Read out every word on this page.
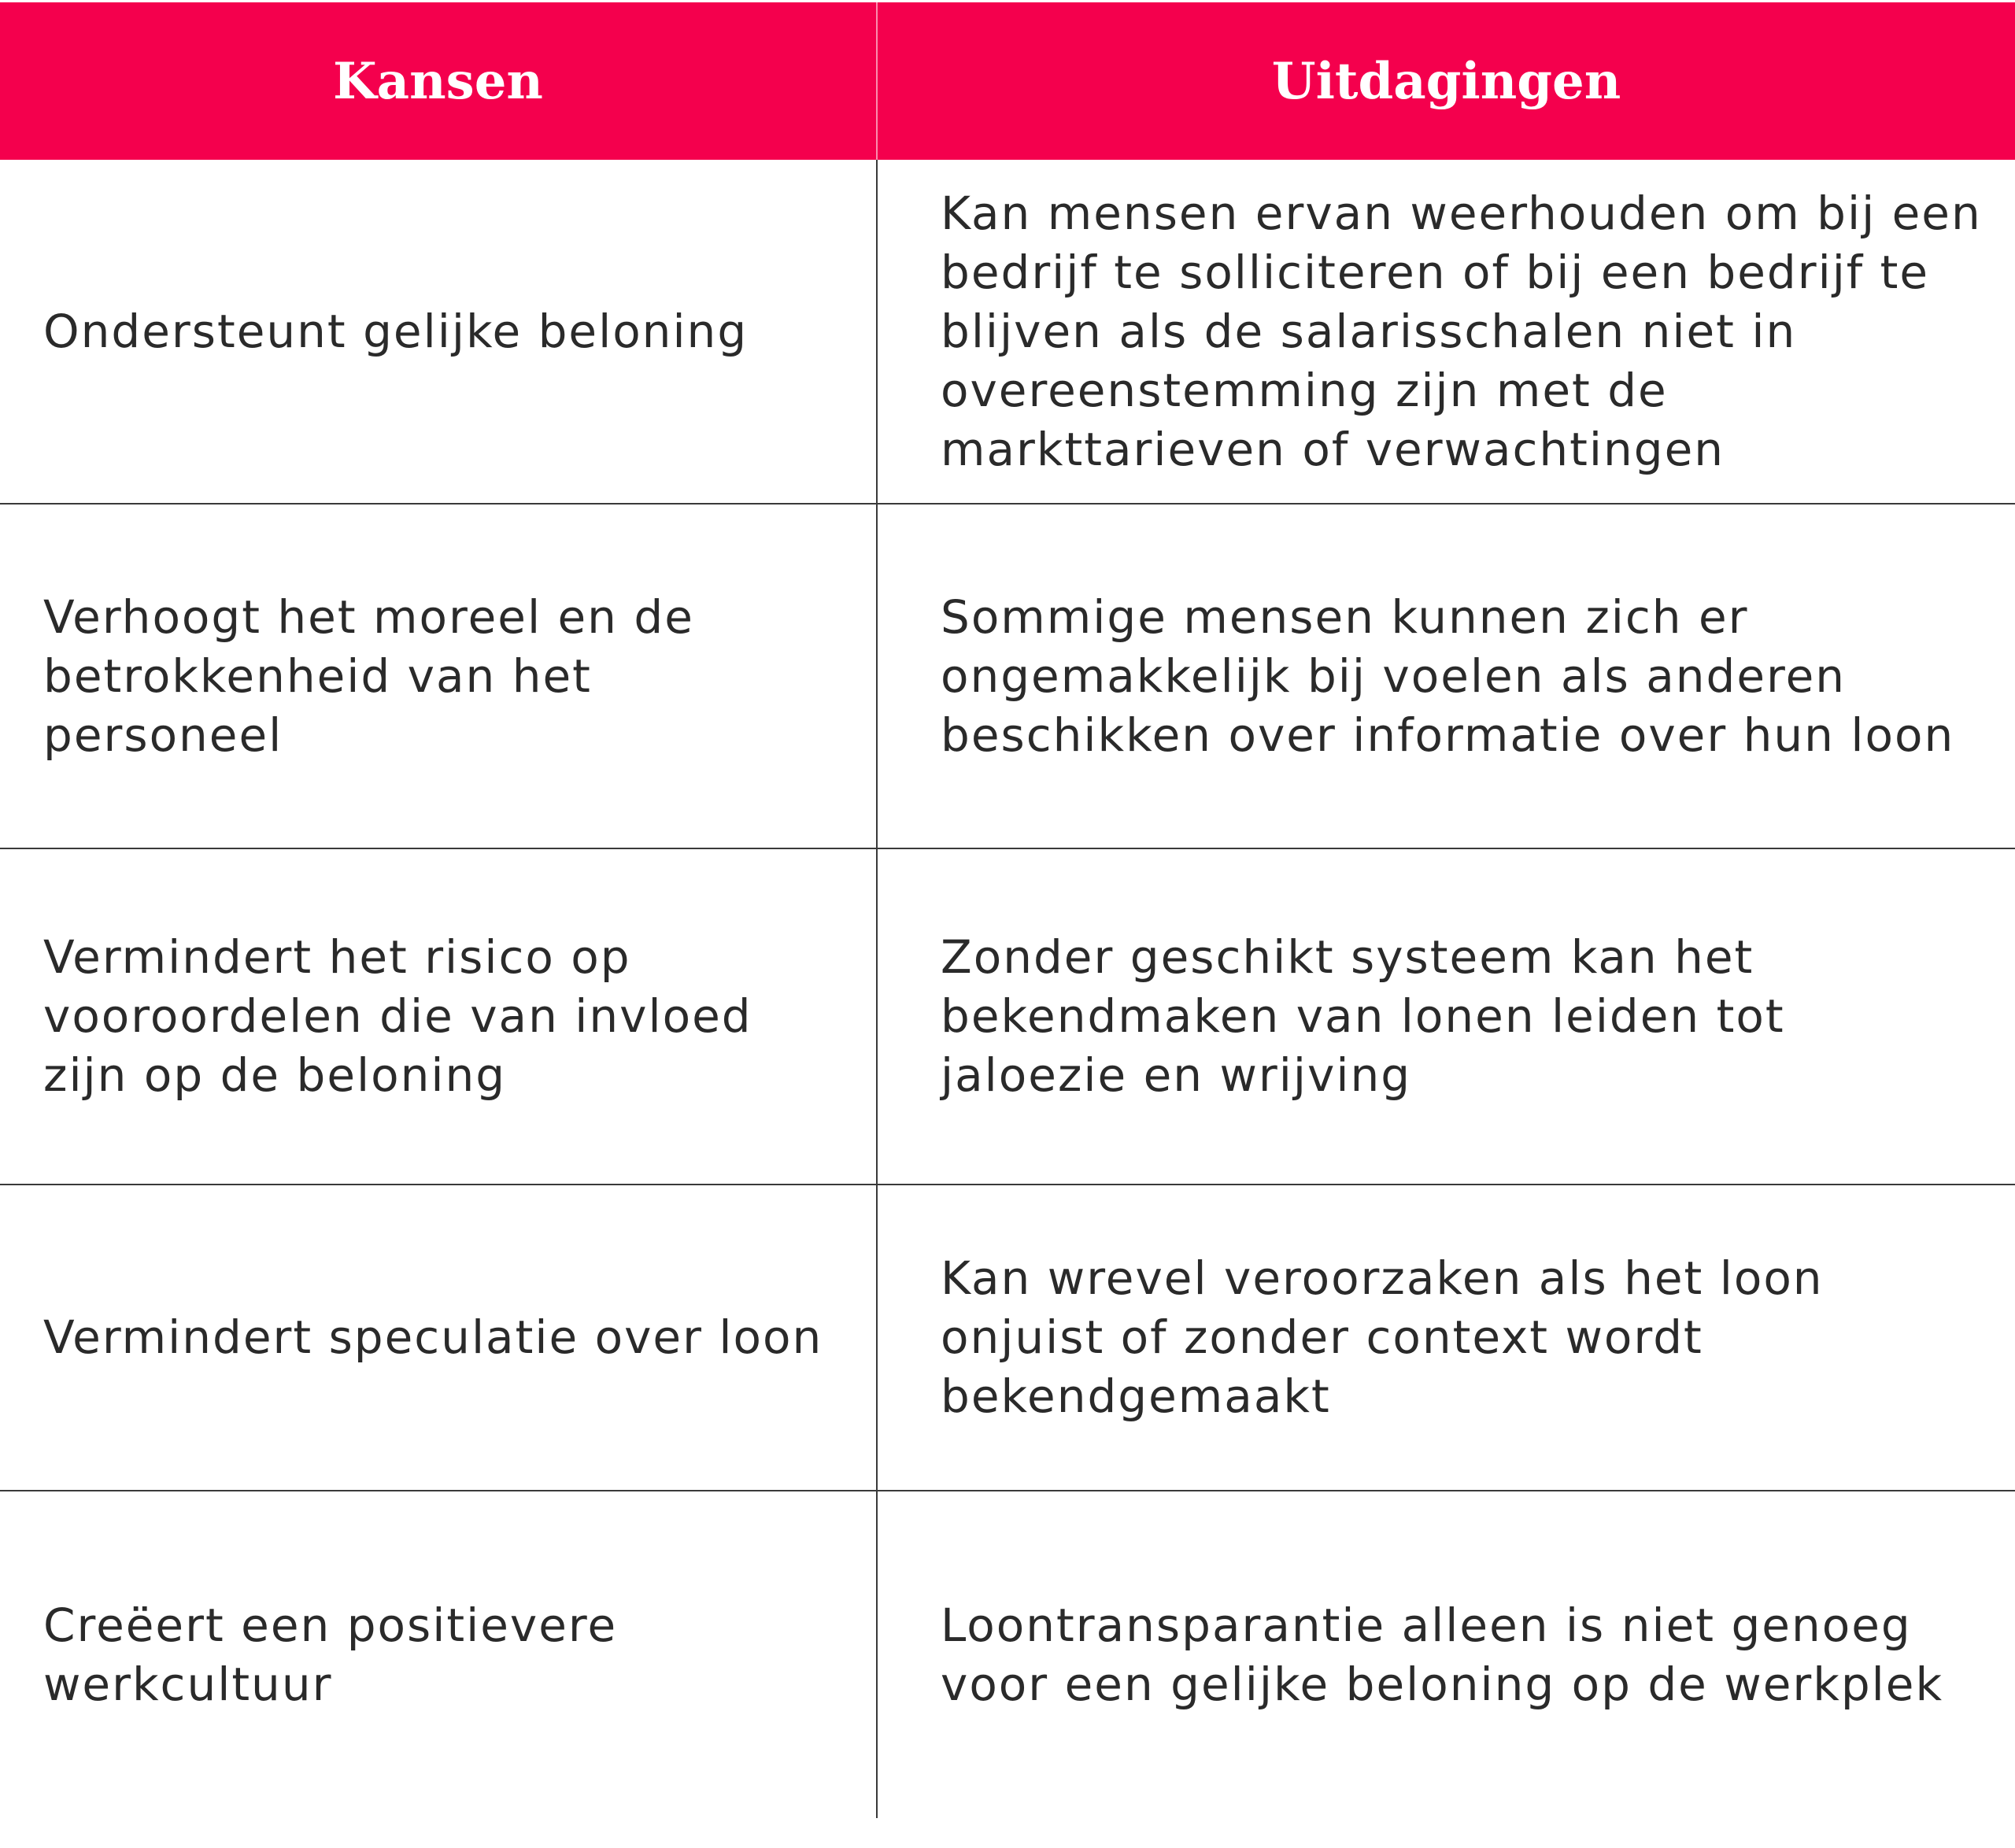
Kansen	Uitdagingen
Ondersteunt gelijke beloning
Kan mensen ervan weerhouden om bij een bedrijf te solliciteren of bij een bedrijf te blijven als de salarisschalen niet in overeenstemming zijn met de markttarieven of verwachtingen
Verhoogt het moreel en de betrokkenheid van het personeel
Sommige mensen kunnen zich er ongemakkelijk bij voelen als anderen beschikken over informatie over hun loon
Vermindert het risico op vooroordelen die van invloed zijn op de beloning
Zonder geschikt systeem kan het bekendmaken van lonen leiden tot jaloezie en wrijving
Vermindert speculatie over loon
Kan wrevel veroorzaken als het loon onjuist of zonder context wordt bekendgemaakt
Creëert een positievere werkcultuur
Loontransparantie alleen is niet genoeg voor een gelijke beloning op de werkplek
